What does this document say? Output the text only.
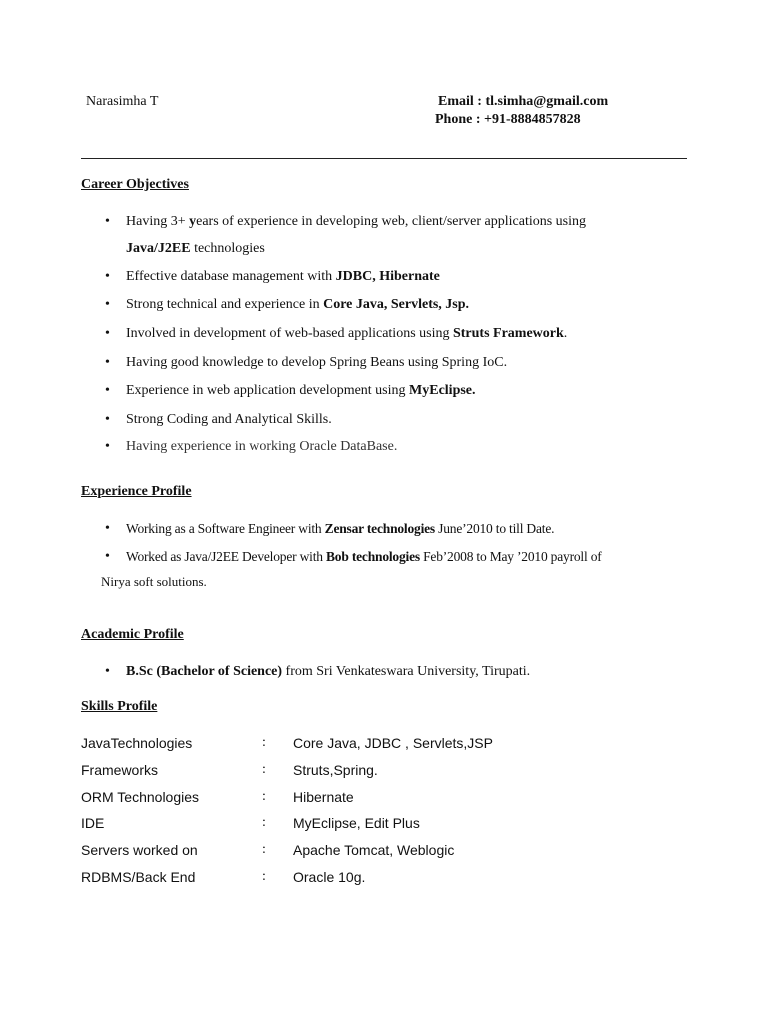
Narasimha T	Email : tl.simha@gmail.com
Phone : +91-8884857828
Career Objectives
• Having 3+ years of experience in developing web, client/server applications using
Java/J2EE technologies
• Effective database management with JDBC, Hibernate
• Strong technical and experience in Core Java, Servlets, Jsp.
• Involved in development of web-based applications using Struts Framework.
• Having good knowledge to develop Spring Beans using Spring IoC.
• Experience in web application development using MyEclipse.
• Strong Coding and Analytical Skills.
• Having experience in working Oracle DataBase.
Experience Profile
• Working as a Software Engineer with Zensar technologies June’2010 to till Date.
• Worked as Java/J2EE Developer with Bob technologies Feb’2008 to May ’2010 payroll of
Nirya soft solutions.
Academic Profile
• B.Sc (Bachelor of Science) from Sri Venkateswara University, Tirupati.
Skills Profile
JavaTechnologies	: Core Java, JDBC , Servlets,JSP
Frameworks	: Struts,Spring.
ORM Technologies	: Hibernate
IDE	: MyEclipse, Edit Plus
Servers worked on	: Apache Tomcat, Weblogic
RDBMS/Back End	: Oracle 10g.
